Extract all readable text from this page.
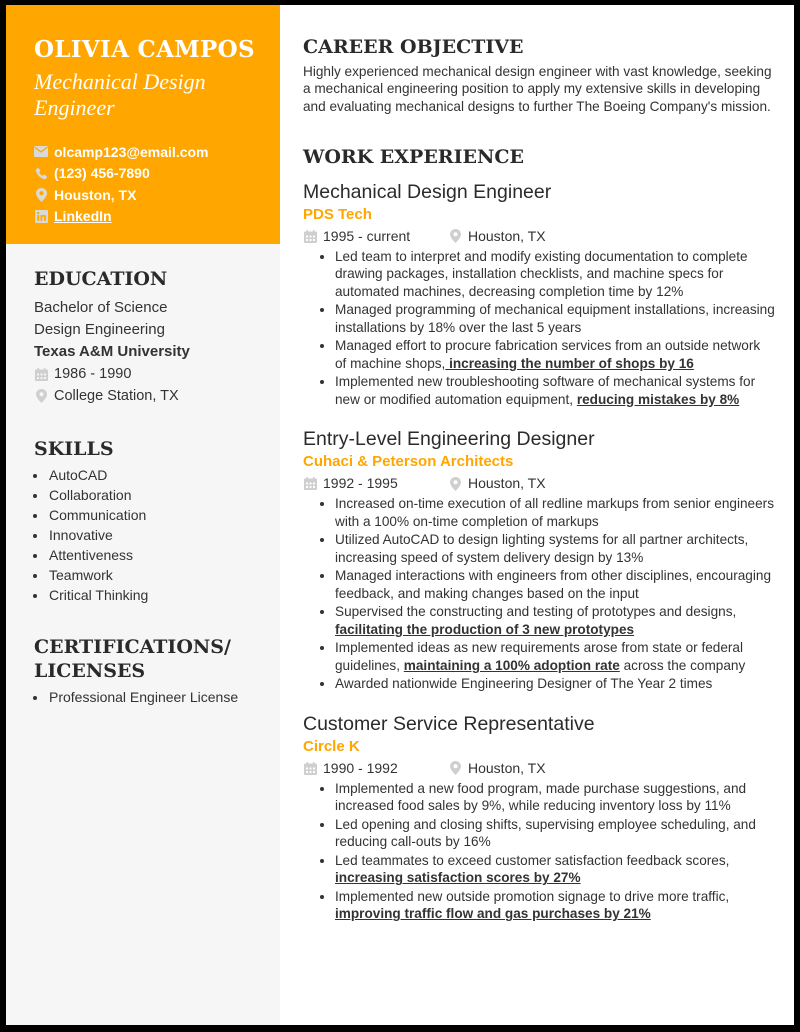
OLIVIA CAMPOS
Mechanical Design Engineer
olcamp123@email.com
(123) 456-7890
Houston, TX
LinkedIn
EDUCATION
Bachelor of Science
Design Engineering
Texas A&M University
1986 - 1990
College Station, TX
SKILLS
• AutoCAD
• Collaboration
• Communication
• Innovative
• Attentiveness
• Teamwork
• Critical Thinking
CERTIFICATIONS/ LICENSES
• Professional Engineer License
CAREER OBJECTIVE
Highly experienced mechanical design engineer with vast knowledge, seeking a mechanical engineering position to apply my extensive skills in developing and evaluating mechanical designs to further The Boeing Company's mission.
WORK EXPERIENCE
Mechanical Design Engineer
PDS Tech
1995 - current	Houston, TX
• Led team to interpret and modify existing documentation to complete drawing packages, installation checklists, and machine specs for automated machines, decreasing completion time by 12%
• Managed programming of mechanical equipment installations, increasing installations by 18% over the last 5 years
• Managed effort to procure fabrication services from an outside network of machine shops, increasing the number of shops by 16
• Implemented new troubleshooting software of mechanical systems for new or modified automation equipment, reducing mistakes by 8%
Entry-Level Engineering Designer
Cuhaci & Peterson Architects
1992 - 1995	Houston, TX
• Increased on-time execution of all redline markups from senior engineers with a 100% on-time completion of markups
• Utilized AutoCAD to design lighting systems for all partner architects, increasing speed of system delivery design by 13%
• Managed interactions with engineers from other disciplines, encouraging feedback, and making changes based on the input
• Supervised the constructing and testing of prototypes and designs, facilitating the production of 3 new prototypes
• Implemented ideas as new requirements arose from state or federal guidelines, maintaining a 100% adoption rate across the company
• Awarded nationwide Engineering Designer of The Year 2 times
Customer Service Representative
Circle K
1990 - 1992	Houston, TX
• Implemented a new food program, made purchase suggestions, and increased food sales by 9%, while reducing inventory loss by 11%
• Led opening and closing shifts, supervising employee scheduling, and reducing call-outs by 16%
• Led teammates to exceed customer satisfaction feedback scores, increasing satisfaction scores by 27%
• Implemented new outside promotion signage to drive more traffic, improving traffic flow and gas purchases by 21%
